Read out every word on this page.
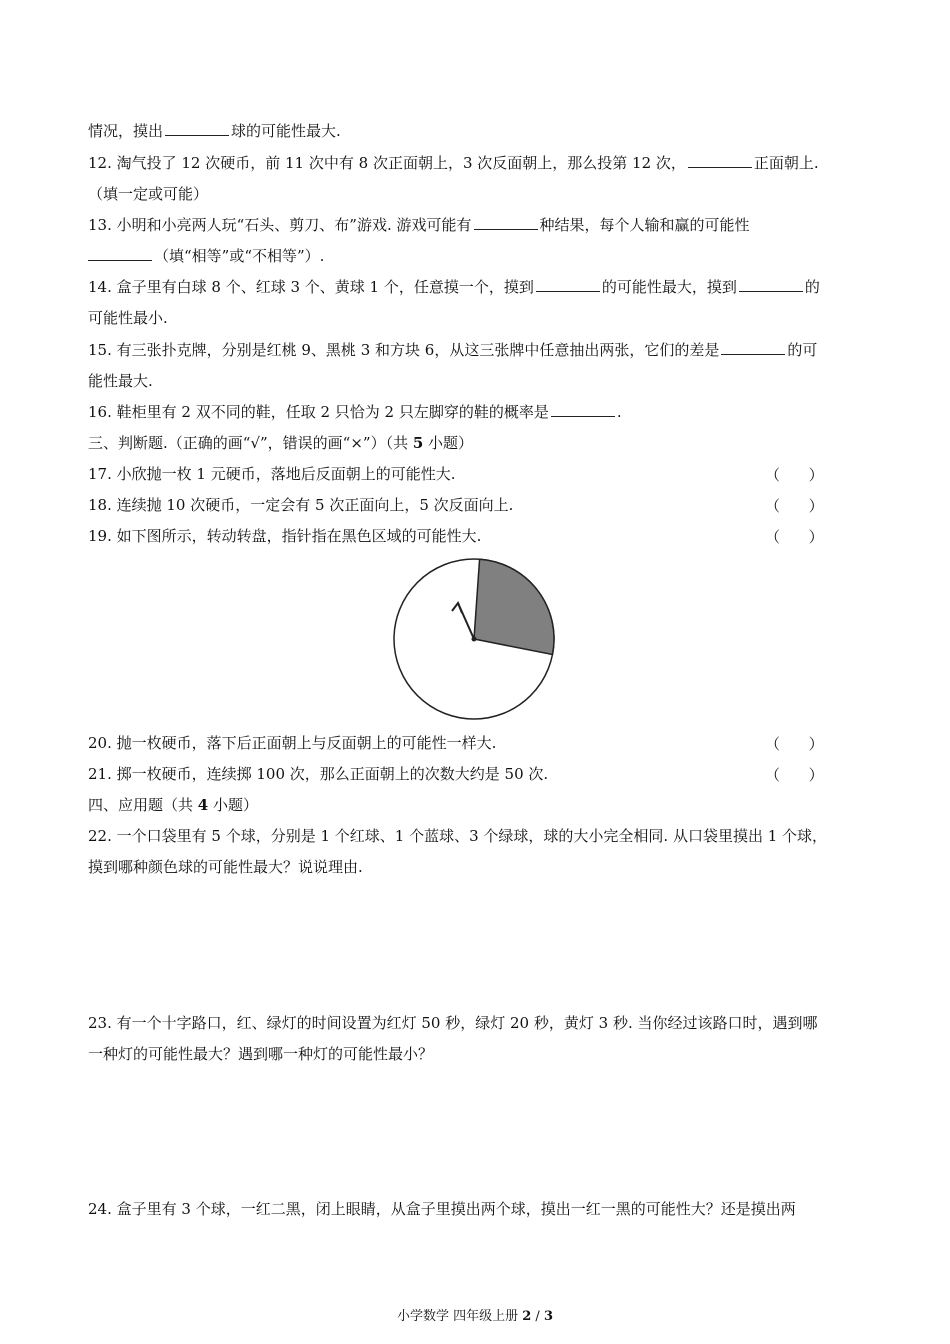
情况，摸出	球的可能性最大.
12. 淘气投了 12 次硬币，前 11 次中有 8 次正面朝上，3 次反面朝上，那么投第 12 次，	正面朝上.
（填一定或可能）
13. 小明和小亮两人玩“石头、剪刀、布”游戏. 游戏可能有	种结果，每个人输和赢的可能性
（填“相等”或“不相等”）.
14. 盒子里有白球 8 个、红球 3 个、黄球 1 个，任意摸一个，摸到	的可能性最大，摸到	的
可能性最小.
15. 有三张扑克牌，分别是红桃 9、黑桃 3 和方块 6，从这三张牌中任意抽出两张，它们的差是	的可
能性最大.
16. 鞋柜里有 2 双不同的鞋，任取 2 只恰为 2 只左脚穿的鞋的概率是	.
三、判断题.（正确的画“√”，错误的画“×”）（共 5 小题）
17. 小欣抛一枚 1 元硬币，落地后反面朝上的可能性大.	（      ）
18. 连续抛 10 次硬币，一定会有 5 次正面向上，5 次反面向上.	（      ）
19. 如下图所示，转动转盘，指针指在黑色区域的可能性大.	（      ）
20. 抛一枚硬币，落下后正面朝上与反面朝上的可能性一样大.	（      ）
21. 掷一枚硬币，连续掷 100 次，那么正面朝上的次数大约是 50 次.	（      ）
四、应用题（共 4 小题）
22. 一个口袋里有 5 个球，分别是 1 个红球、1 个蓝球、3 个绿球，球的大小完全相同. 从口袋里摸出 1 个球，
摸到哪种颜色球的可能性最大？说说理由.
23. 有一个十字路口，红、绿灯的时间设置为红灯 50 秒，绿灯 20 秒，黄灯 3 秒. 当你经过该路口时，遇到哪
一种灯的可能性最大？遇到哪一种灯的可能性最小？
24. 盒子里有 3 个球，一红二黑，闭上眼睛，从盒子里摸出两个球，摸出一红一黑的可能性大？还是摸出两
小学数学 四年级上册 2 / 3
